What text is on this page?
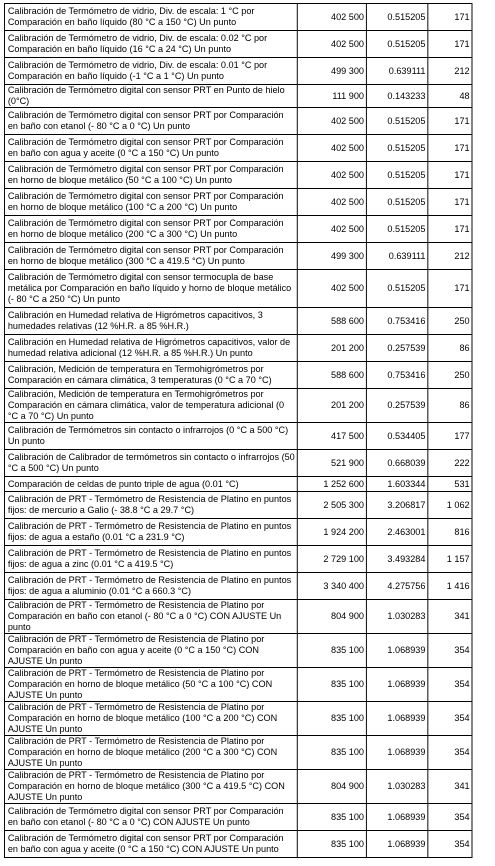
Calibración de Termómetro de vidrio, Div. de escala: 1 °C por Comparación en baño líquido (80 °C a 150 °C) Un punto	402 500	0.515205	171
Calibración de Termómetro de vidrio, Div. de escala: 0.02 °C por Comparación en baño líquido (16 °C a 24 °C) Un punto	402 500	0.515205	171
Calibración de Termómetro de vidrio, Div. de escala: 0.01 °C por Comparación en baño líquido (-1 °C a 1 °C) Un punto	499 300	0.639111	212
Calibración de Termómetro digital con sensor PRT en Punto de hielo (0°C)	111 900	0.143233	48
Calibración de Termómetro digital con sensor PRT por Comparación en baño con etanol (- 80 °C a 0 °C) Un punto	402 500	0.515205	171
Calibración de Termómetro digital con sensor PRT por Comparación en baño con agua y aceite (0 °C a 150 °C) Un punto	402 500	0.515205	171
Calibración de Termómetro digital con sensor PRT por Comparación en horno de bloque metálico (50 °C a 100 °C) Un punto	402 500	0.515205	171
Calibración de Termómetro digital con sensor PRT por Comparación en horno de bloque metálico (100 °C a 200 °C) Un punto	402 500	0.515205	171
Calibración de Termómetro digital con sensor PRT por Comparación en horno de bloque metálico (200 °C a 300 °C) Un punto	402 500	0.515205	171
Calibración de Termómetro digital con sensor PRT por Comparación en horno de bloque metálico (300 °C a 419.5 °C) Un punto	499 300	0.639111	212
Calibración de Termómetro digital con sensor termocupla de base metálica por Comparación en baño líquido y horno de bloque metálico (- 80 °C a 250 °C) Un punto	402 500	0.515205	171
Calibración en Humedad relativa de Higrómetros capacitivos, 3 humedades relativas (12 %H.R. a 85 %H.R.)	588 600	0.753416	250
Calibración en Humedad relativa de Higrómetros capacitivos, valor de humedad relativa adicional (12 %H.R. a 85 %H.R.) Un punto	201 200	0.257539	86
Calibración, Medición de temperatura en Termohigrómetros por Comparación en cámara climática, 3 temperaturas (0 °C a 70 °C)	588 600	0.753416	250
Calibración, Medición de temperatura en Termohigrómetros por Comparación en cámara climática, valor de temperatura adicional (0 °C a 70 °C) Un punto	201 200	0.257539	86
Calibración de Termómetros sin contacto o infrarrojos (0 °C a 500 °C) Un punto	417 500	0.534405	177
Calibración de Calibrador de termómetros sin contacto o infrarrojos (50 °C a 500 °C) Un punto	521 900	0.668039	222
Comparación de celdas de punto triple de agua (0.01 °C)	1 252 600	1.603344	531
Calibración de PRT - Termómetro de Resistencia de Platino en puntos fijos: de mercurio a Galio (- 38.8 °C a 29.7 °C)	2 505 300	3.206817	1 062
Calibración de PRT - Termómetro de Resistencia de Platino en puntos fijos: de agua a estaño (0.01 °C a 231.9 °C)	1 924 200	2.463001	816
Calibración de PRT - Termómetro de Resistencia de Platino en puntos fijos: de agua a zinc (0.01 °C a 419.5 °C)	2 729 100	3.493284	1 157
Calibración de PRT - Termómetro de Resistencia de Platino en puntos fijos: de agua a aluminio (0.01 °C a 660.3 °C)	3 340 400	4.275756	1 416
Calibración de PRT - Termómetro de Resistencia de Platino por Comparación en baño con etanol (- 80 °C a 0 °C) CON AJUSTE Un punto	804 900	1.030283	341
Calibración de PRT - Termómetro de Resistencia de Platino por Comparación en baño con agua y aceite (0 °C a 150 °C) CON AJUSTE Un punto	835 100	1.068939	354
Calibración de PRT - Termómetro de Resistencia de Platino por Comparación en horno de bloque metálico (50 °C a 100 °C) CON AJUSTE Un punto	835 100	1.068939	354
Calibración de PRT - Termómetro de Resistencia de Platino por Comparación en horno de bloque metálico (100 °C a 200 °C) CON AJUSTE Un punto	835 100	1.068939	354
Calibración de PRT - Termómetro de Resistencia de Platino por Comparación en horno de bloque metálico (200 °C a 300 °C) CON AJUSTE Un punto	835 100	1.068939	354
Calibración de PRT - Termómetro de Resistencia de Platino por Comparación en horno de bloque metálico (300 °C a 419.5 °C) CON AJUSTE Un punto	804 900	1.030283	341
Calibración de Termómetro digital con sensor PRT por Comparación en baño con etanol (- 80 °C a 0 °C) CON AJUSTE Un punto	835 100	1.068939	354
Calibración de Termómetro digital con sensor PRT por Comparación en baño con agua y aceite (0 °C a 150 °C) CON AJUSTE Un punto	835 100	1.068939	354
